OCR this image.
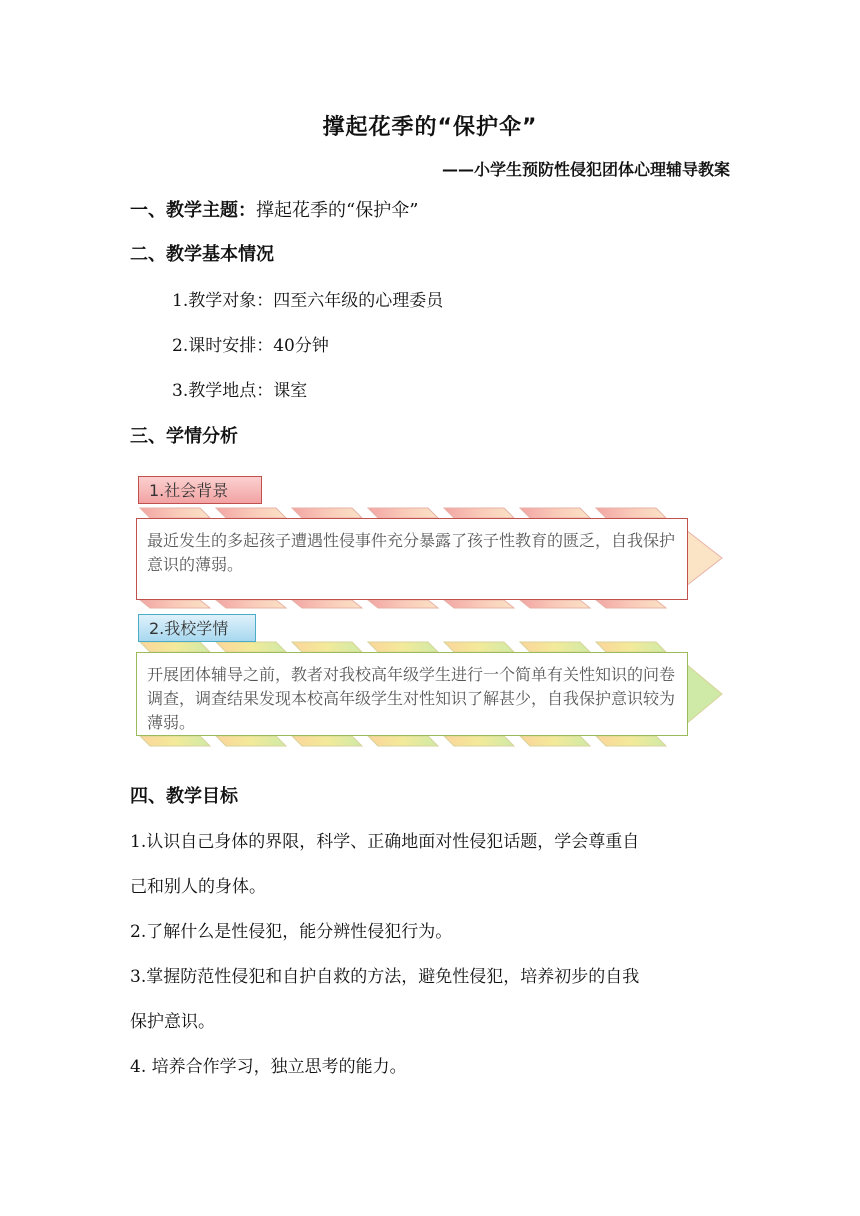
撑起花季的“保护伞”
——小学生预防性侵犯团体心理辅导教案
一、教学主题：撑起花季的“保护伞”
二、教学基本情况
1.教学对象：四至六年级的心理委员
2.课时安排：40分钟
3.教学地点：课室
三、学情分析
1.社会背景
最近发生的多起孩子遭遇性侵事件充分暴露了孩子性教育的匮乏，自我保护意识的薄弱。
2.我校学情
开展团体辅导之前，教者对我校高年级学生进行一个简单有关性知识的问卷调查，调查结果发现本校高年级学生对性知识了解甚少，自我保护意识较为薄弱。
四、教学目标
1.认识自己身体的界限，科学、正确地面对性侵犯话题，学会尊重自
己和别人的身体。
2.了解什么是性侵犯，能分辨性侵犯行为。
3.掌握防范性侵犯和自护自救的方法，避免性侵犯，培养初步的自我
保护意识。
4. 培养合作学习，独立思考的能力。
